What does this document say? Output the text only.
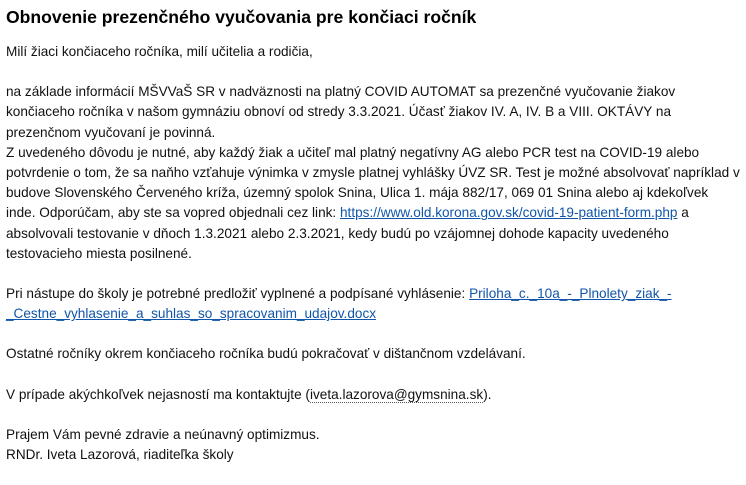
Obnovenie prezenčného vyučovania pre končiaci ročník

Milí žiaci končiaceho ročníka, milí učitelia a rodičia,

na základe informácií MŠVVaŠ SR v nadväznosti na platný COVID AUTOMAT sa prezenčné vyučovanie žiakov končiaceho ročníka v našom gymnáziu obnoví od stredy 3.3.2021. Účasť žiakov IV. A, IV. B a VIII. OKTÁVY na prezenčnom vyučovaní je povinná.

Z uvedeného dôvodu je nutné, aby každý žiak a učiteľ mal platný negatívny AG alebo PCR test na COVID-19 alebo potvrdenie o tom, že sa naňho vzťahuje výnimka v zmysle platnej vyhlášky ÚVZ SR. Test je možné absolvovať napríklad v budove Slovenského Červeného kríža, územný spolok Snina, Ulica 1. mája 882/17, 069 01 Snina alebo aj kdekoľvek inde. Odporúčam, aby ste sa vopred objednali cez link: https://www.old.korona.gov.sk/covid-19-patient-form.php a absolvovali testovanie v dňoch 1.3.2021 alebo 2.3.2021, kedy budú po vzájomnej dohode kapacity uvedeného testovacieho miesta posilnené.

Pri nástupe do školy je potrebné predložiť vyplnené a podpísané vyhlásenie: Priloha_c._10a_-_Plnolety_ziak_-_Cestne_vyhlasenie_a_suhlas_so_spracovanim_udajov.docx

Ostatné ročníky okrem končiaceho ročníka budú pokračovať v dištančnom vzdelávaní.

V prípade akýchkoľvek nejasností ma kontaktujte (iveta.lazorova@gymsnina.sk).

Prajem Vám pevné zdravie a neúnavný optimizmus.

RNDr. Iveta Lazorová, riaditeľka školy
